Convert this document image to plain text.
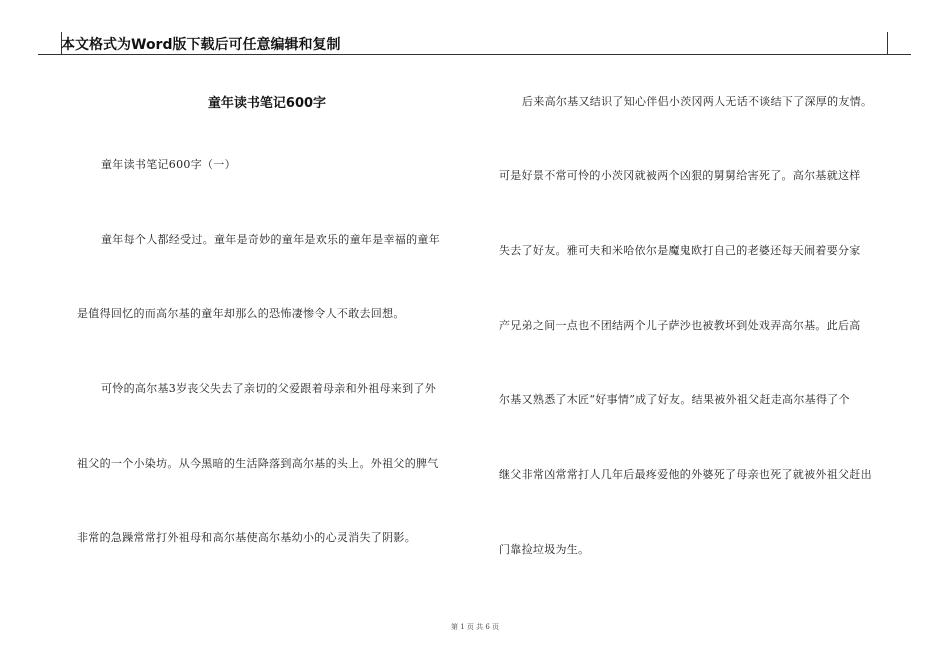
本文格式为Word版下载后可任意编辑和复制
童年读书笔记600字
童年读书笔记600字（一）
童年每个人都经受过。童年是奇妙的童年是欢乐的童年是幸福的童年
是值得回忆的而高尔基的童年却那么的恐怖凄惨令人不敢去回想。
可怜的高尔基3岁丧父失去了亲切的父爱跟着母亲和外祖母来到了外
祖父的一个小染坊。从今黑暗的生活降落到高尔基的头上。外祖父的脾气
非常的急躁常常打外祖母和高尔基使高尔基幼小的心灵消失了阴影。
后来高尔基又结识了知心伴侣小茨冈两人无话不谈结下了深厚的友情。
可是好景不常可怜的小茨冈就被两个凶狠的舅舅给害死了。高尔基就这样
失去了好友。雅可夫和米哈依尔是魔鬼欧打自己的老婆还每天闹着要分家
产兄弟之间一点也不团结两个儿子萨沙也被教坏到处戏弄高尔基。此后高
尔基又熟悉了木匠“好事情”成了好友。结果被外祖父赶走高尔基得了个
继父非常凶常常打人几年后最疼爱他的外婆死了母亲也死了就被外祖父赶出
门靠捡垃圾为生。
第 1 页 共 6 页
